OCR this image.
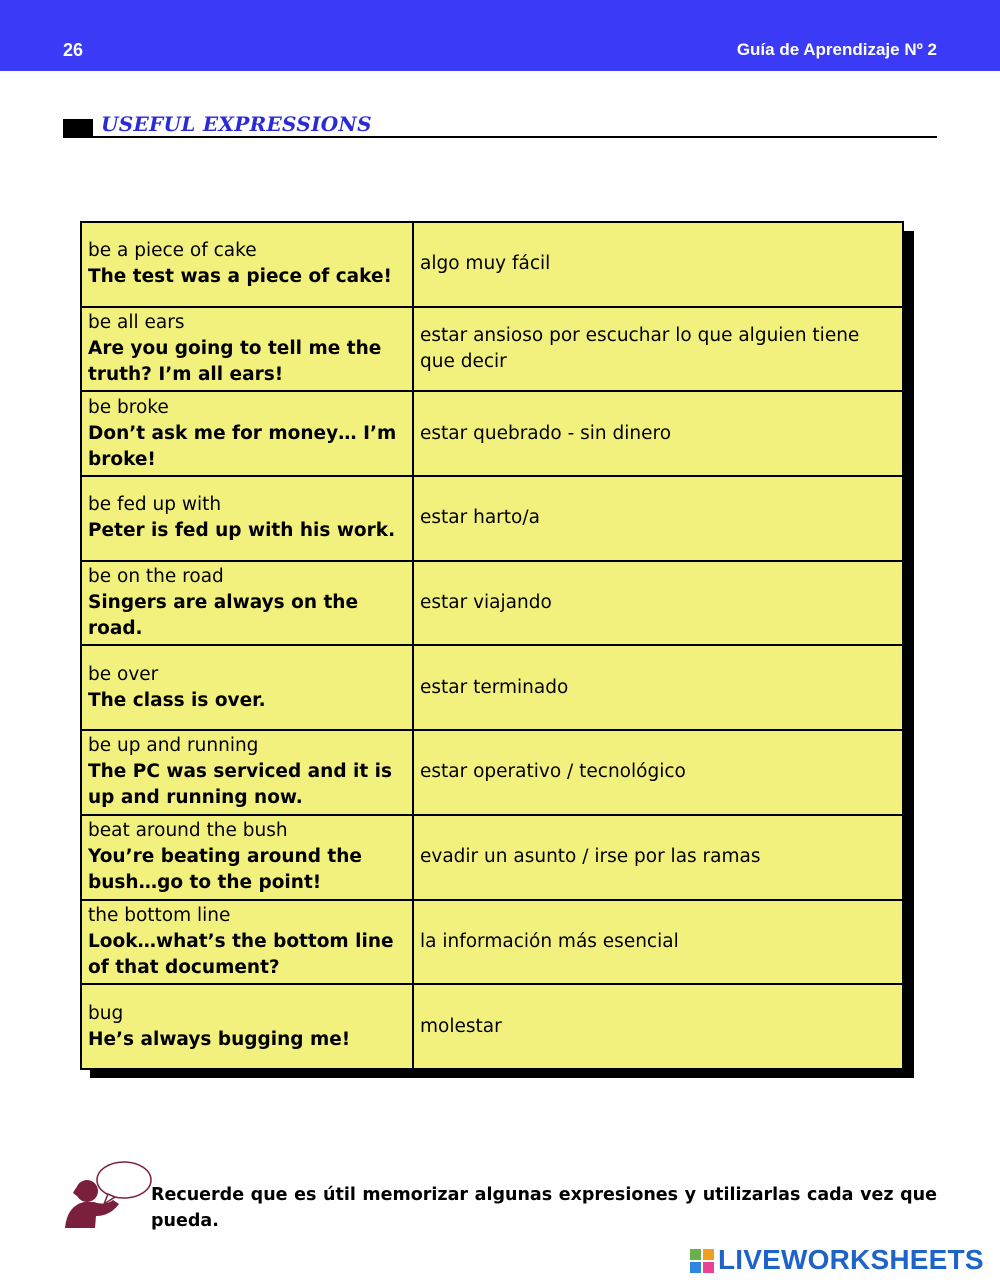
26	Guía de Aprendizaje Nº 2
USEFUL EXPRESSIONS
be a piece of cake
The test was a piece of cake!	algo muy fácil

be all ears
Are you going to tell me the truth? I’m all ears!	estar ansioso por escuchar lo que alguien tiene que decir

be broke
Don’t ask me for money… I’m broke!	estar quebrado - sin dinero

be fed up with
Peter is fed up with his work.	estar harto/a

be on the road
Singers are always on the road.	estar viajando

be over
The class is over.	estar terminado

be up and running
The PC was serviced and it is up and running now.	estar operativo / tecnológico

beat around the bush
You’re beating around the bush…go to the point!	evadir un asunto / irse por las ramas

the bottom line
Look…what’s the bottom line of that document?	la información más esencial

bug
He’s always bugging me!	molestar
Recuerde que es útil memorizar algunas expresiones y utilizarlas cada vez que pueda.
LIVEWORKSHEETS
